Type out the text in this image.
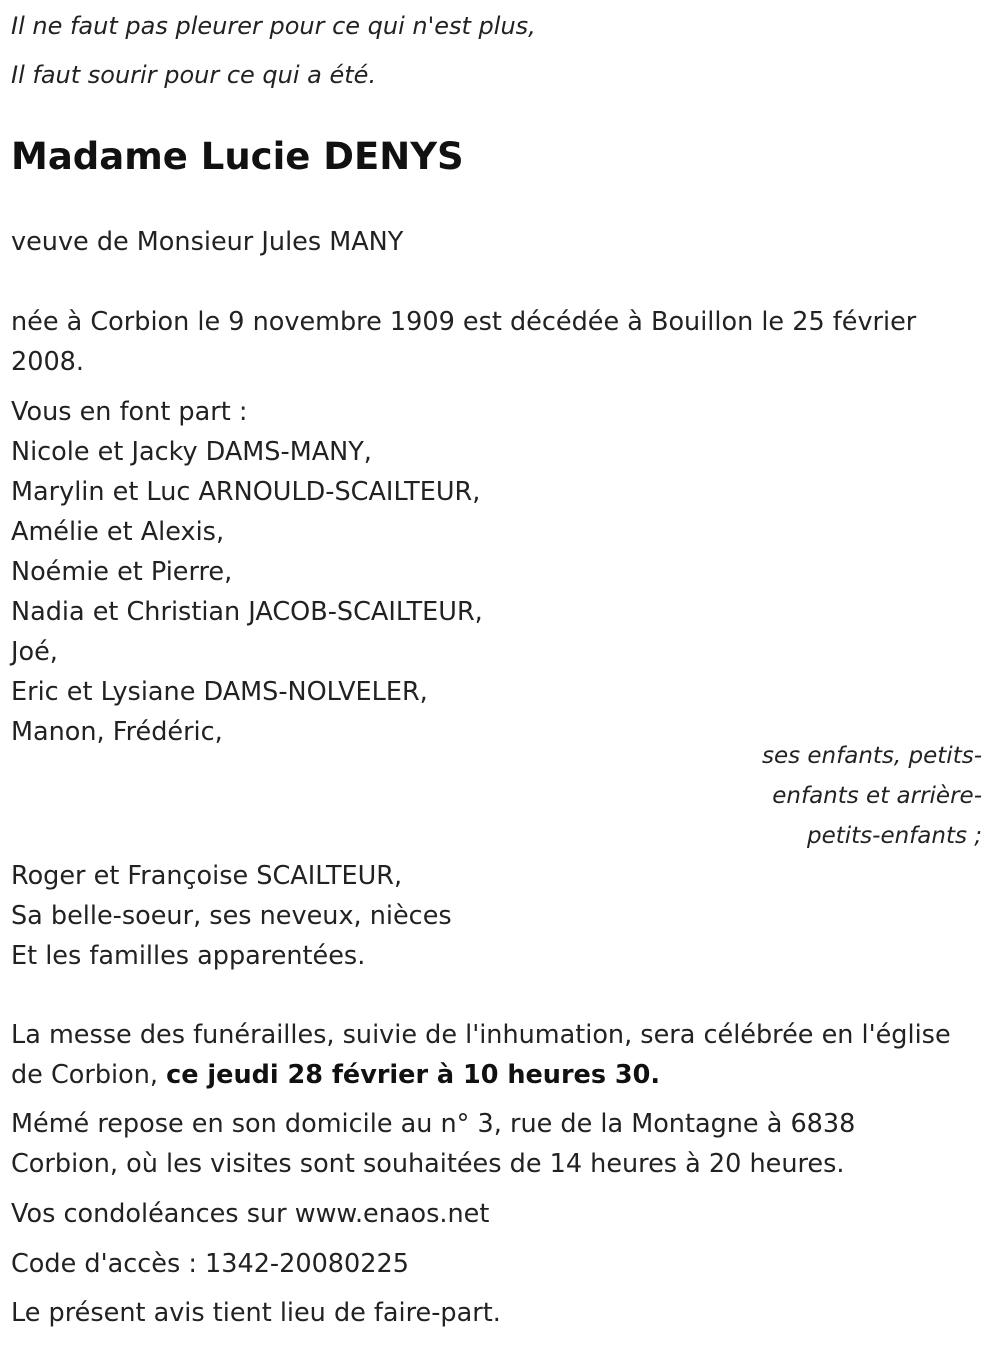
Il ne faut pas pleurer pour ce qui n'est plus,

Il faut sourir pour ce qui a été.

Madame Lucie DENYS

veuve de Monsieur Jules MANY

née à Corbion le 9 novembre 1909 est décédée à Bouillon le 25 février
2008.

Vous en font part :
Nicole et Jacky DAMS-MANY,
Marylin et Luc ARNOULD-SCAILTEUR,
Amélie et Alexis,
Noémie et Pierre,
Nadia et Christian JACOB-SCAILTEUR,
Joé,
Eric et Lysiane DAMS-NOLVELER,
Manon, Frédéric,
ses enfants, petits-
enfants et arrière-
petits-enfants ;
Roger et Françoise SCAILTEUR,
Sa belle-soeur, ses neveux, nièces
Et les familles apparentées.

La messe des funérailles, suivie de l'inhumation, sera célébrée en l'église
de Corbion, ce jeudi 28 février à 10 heures 30.

Mémé repose en son domicile au n° 3, rue de la Montagne à 6838
Corbion, où les visites sont souhaitées de 14 heures à 20 heures.

Vos condoléances sur www.enaos.net

Code d'accès : 1342-20080225

Le présent avis tient lieu de faire-part.
